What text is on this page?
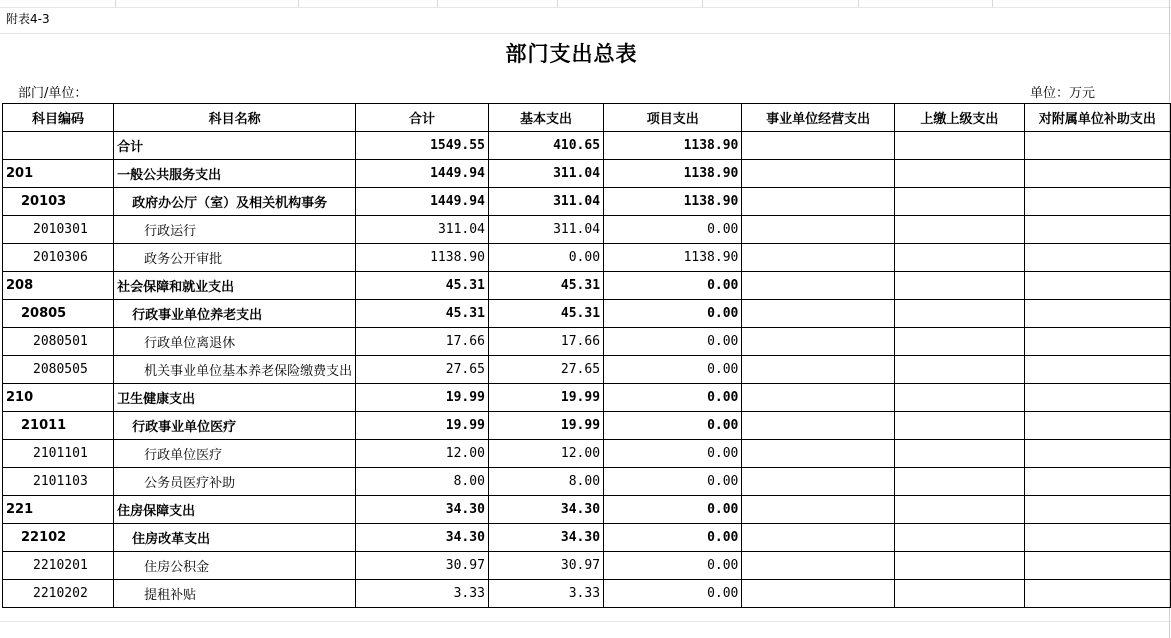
附表4-3
部门支出总表
部门/单位：	单位：万元
科目编码	科目名称	合计	基本支出	项目支出	事业单位经营支出	上缴上级支出	对附属单位补助支出
	合计	1549.55	410.65	1138.90			
201	一般公共服务支出	1449.94	311.04	1138.90			
20103	政府办公厅（室）及相关机构事务	1449.94	311.04	1138.90			
2010301	行政运行	311.04	311.04	0.00			
2010306	政务公开审批	1138.90	0.00	1138.90			
208	社会保障和就业支出	45.31	45.31	0.00			
20805	行政事业单位养老支出	45.31	45.31	0.00			
2080501	行政单位离退休	17.66	17.66	0.00			
2080505	机关事业单位基本养老保险缴费支出	27.65	27.65	0.00			
210	卫生健康支出	19.99	19.99	0.00			
21011	行政事业单位医疗	19.99	19.99	0.00			
2101101	行政单位医疗	12.00	12.00	0.00			
2101103	公务员医疗补助	8.00	8.00	0.00			
221	住房保障支出	34.30	34.30	0.00			
22102	住房改革支出	34.30	34.30	0.00			
2210201	住房公积金	30.97	30.97	0.00			
2210202	提租补贴	3.33	3.33	0.00			
